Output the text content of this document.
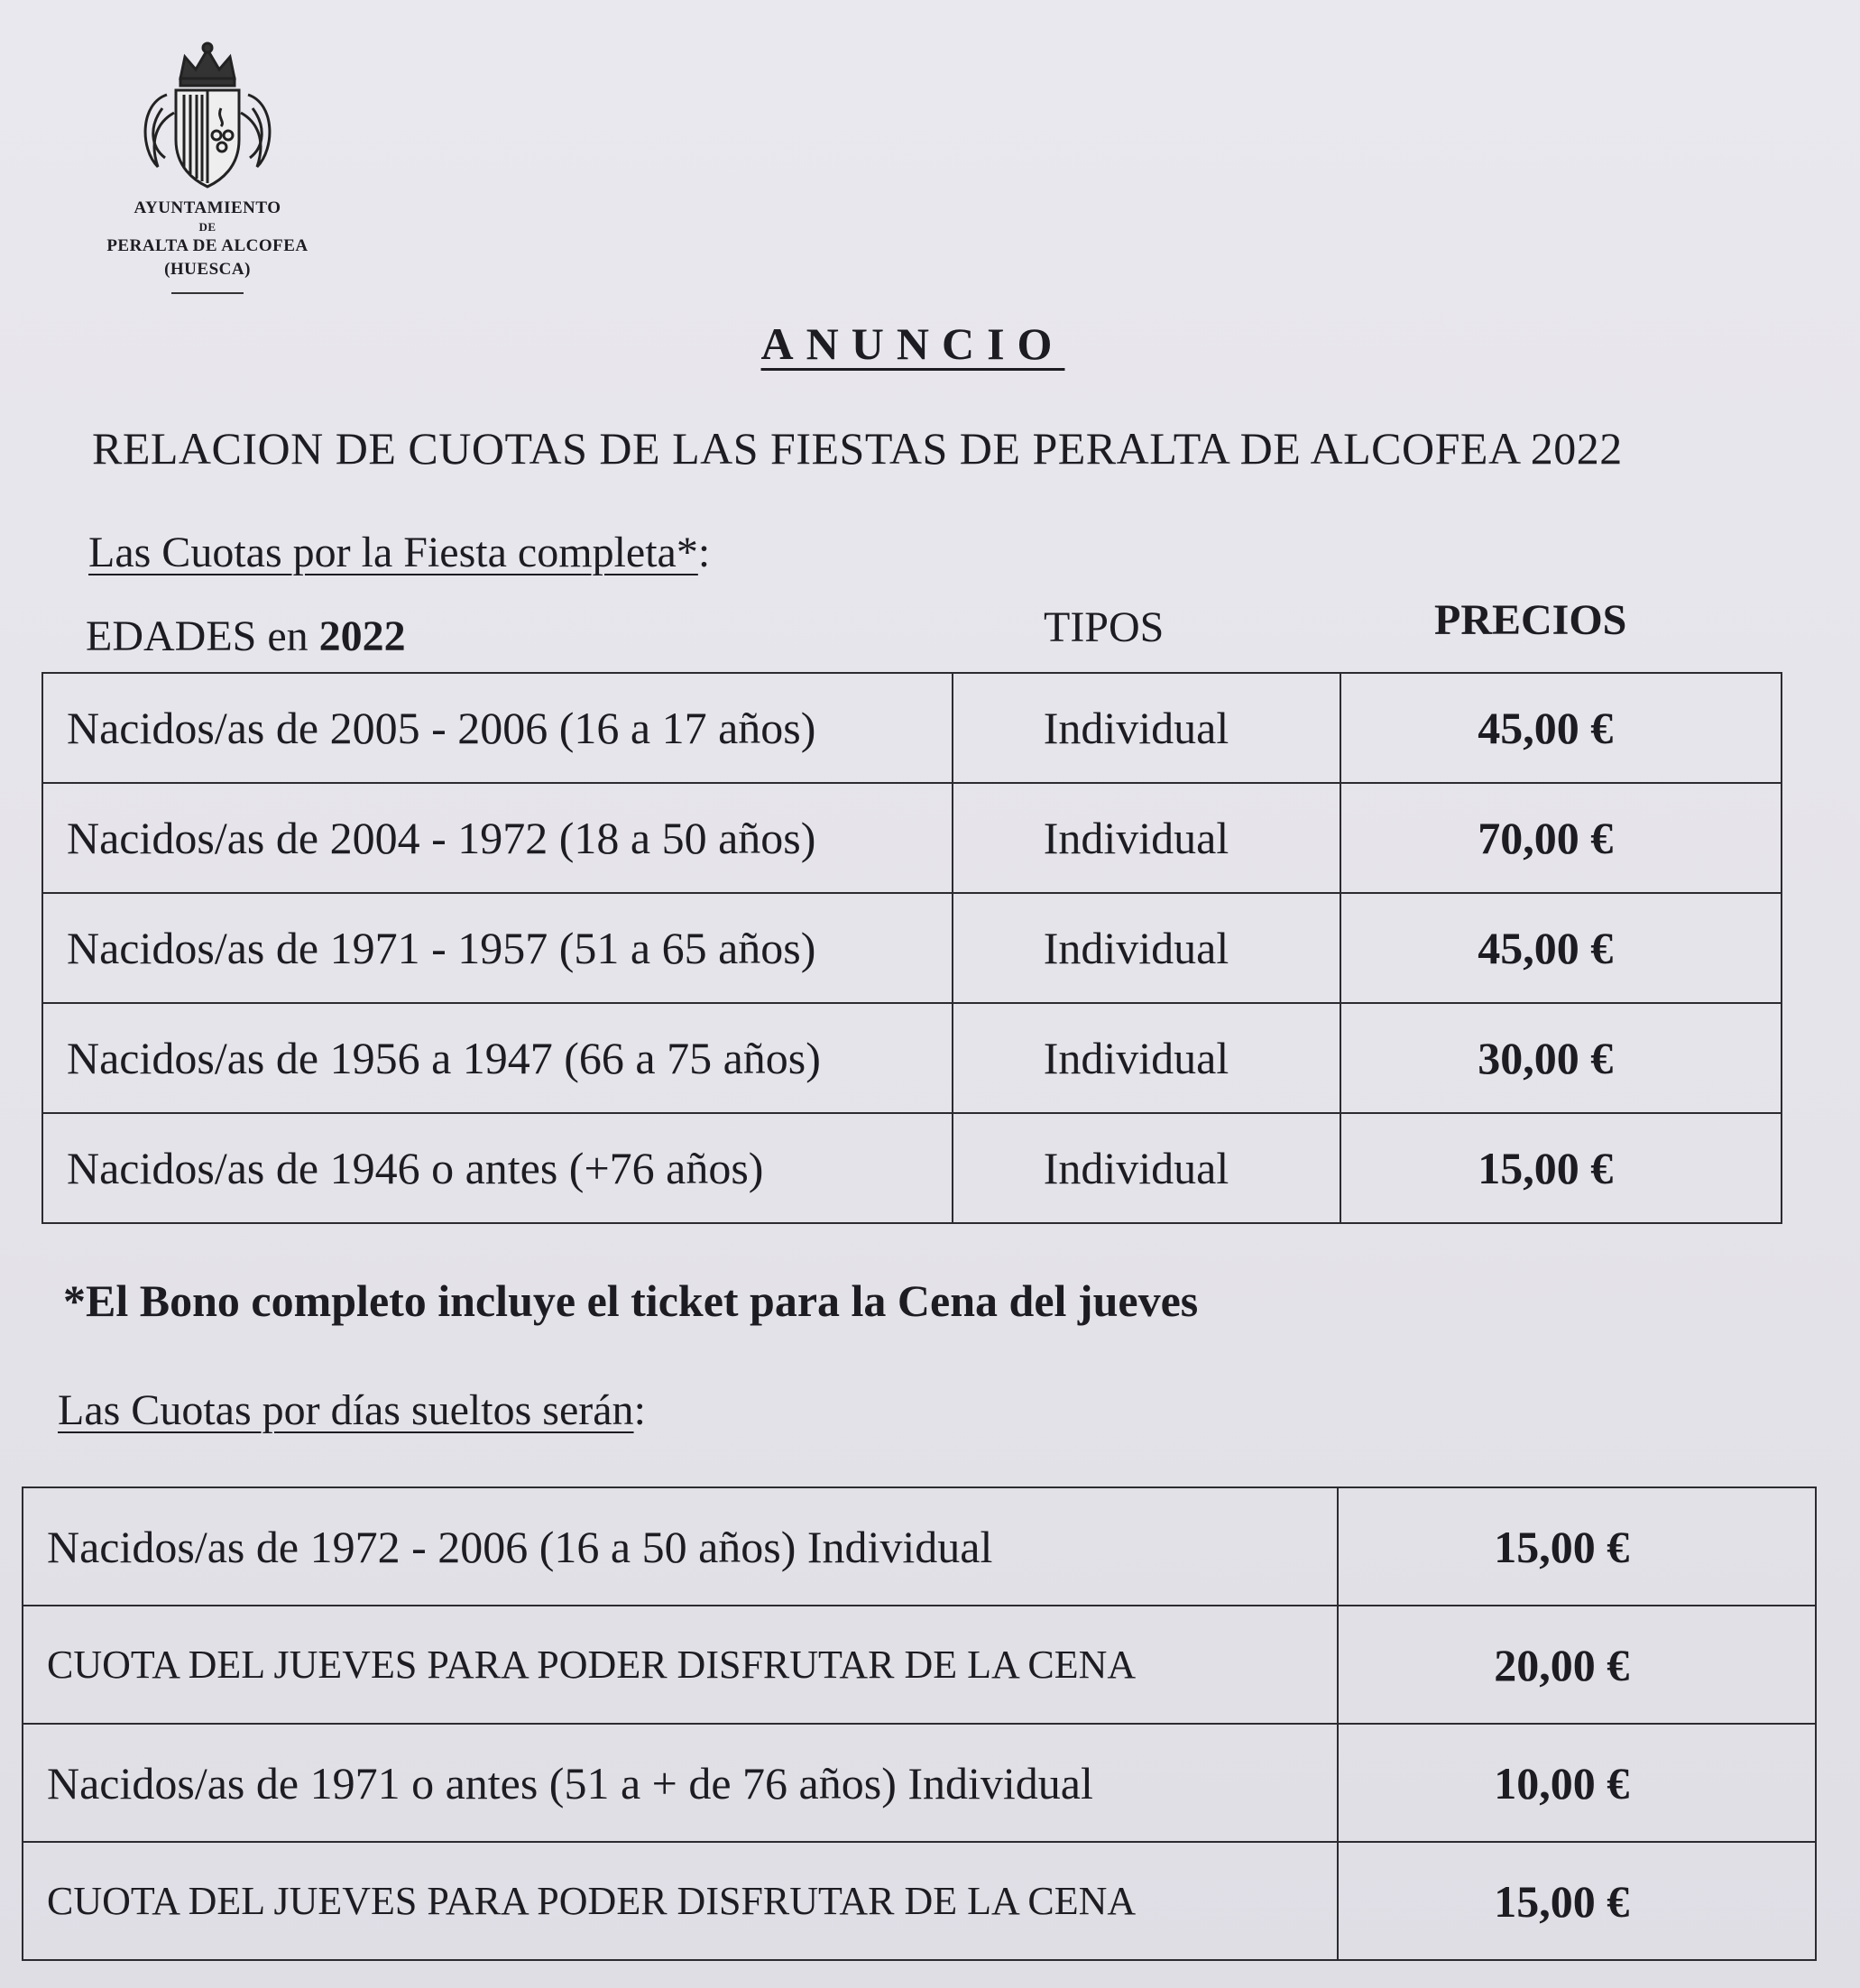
AYUNTAMIENTO
DE
PERALTA DE ALCOFEA
(HUESCA)
ANUNCIO
RELACION DE CUOTAS DE LAS FIESTAS DE PERALTA DE ALCOFEA 2022
Las Cuotas por la Fiesta completa*:
EDADES en 2022	TIPOS	PRECIOS
Nacidos/as de 2005 - 2006 (16 a 17 años)	Individual	45,00 €
Nacidos/as de 2004 - 1972 (18 a 50 años)	Individual	70,00 €
Nacidos/as de 1971 - 1957 (51 a 65 años)	Individual	45,00 €
Nacidos/as de 1956 a 1947 (66 a 75 años)	Individual	30,00 €
Nacidos/as de 1946 o antes (+76 años)	Individual	15,00 €
*El Bono completo incluye el ticket para la Cena del jueves
Las Cuotas por días sueltos serán:
Nacidos/as de 1972 - 2006 (16 a 50 años) Individual	15,00 €
CUOTA DEL JUEVES PARA PODER DISFRUTAR DE LA CENA	20,00 €
Nacidos/as de 1971 o antes (51 a + de 76 años) Individual	10,00 €
CUOTA DEL JUEVES PARA PODER DISFRUTAR DE LA CENA	15,00 €
